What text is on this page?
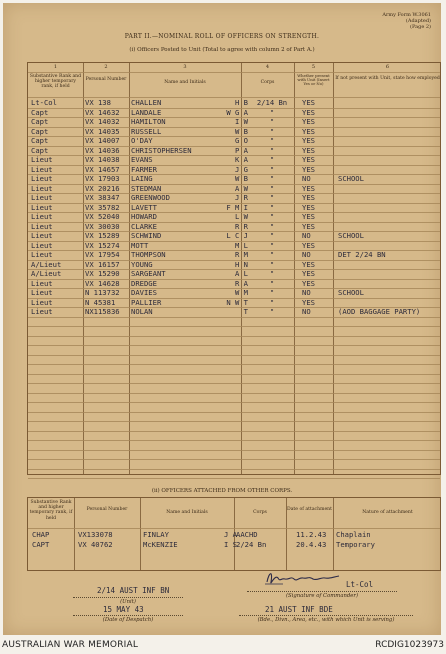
Army Form W.3061
(Adapted)
(Page 2)
PART II.—NOMINAL ROLL OF OFFICERS ON STRENGTH.
(i) Officers Posted to Unit (Total to agree with column 2 of Part A.)
1	2	3	4	5	6
Substantive Rank and higher temporary rank, if held
Personal Number
Name and Initials	Corps
Whether present with Unit (Insert Yes or No)
If not present with Unit, state how employed
Lt-Col	VX 138	CHALLEN	H B	2/14 Bn	YES
Capt	VX 14632	LANDALE	W G A	"	YES
Capt	VX 14032	HAMILTON	I W	"	YES
Capt	VX 14035	RUSSELL	W B	"	YES
Capt	VX 14007	O'DAY	G O	"	YES
Capt	VX 14036	CHRISTOPHERSEN	P A	"	YES
Lieut	VX 14038	EVANS	K A	"	YES
Lieut	VX 14657	FARMER	J G	"	YES
Lieut	VX 17903	LAING	W B	"	NO	SCHOOL
Lieut	VX 20216	STEDMAN	A W	"	YES
Lieut	VX 38347	GREENWOOD	J R	"	YES
Lieut	VX 35782	LAVETT	F M I	"	YES
Lieut	VX 52040	HOWARD	L W	"	YES
Lieut	VX 30030	CLARKE	R R	"	YES
Lieut	VX 15289	SCHWIND	L C J	"	NO	SCHOOL
Lieut	VX 15274	MOTT	M L	"	YES
Lieut	VX 17954	THOMPSON	R M	"	NO	DET 2/24 BN
A/Lieut	VX 16157	YOUNG	H N	"	YES
A/Lieut	VX 15290	SARGEANT	A L	"	YES
Lieut	VX 14628	DREDGE	R A	"	YES
Lieut	N 113732	DAVIES	W M	"	NO	SCHOOL
Lieut	N 45381	PALLIER	N W T	"	YES
Lieut	NX115836	NOLAN	T	"	NO	(AOD BAGGAGE PARTY)
(ii) OFFICERS ATTACHED FROM OTHER CORPS.
Substantive Rank and higher temporary rank, if held
Personal Number
Name and Initials	Corps
Date of attachment
Nature of attachment
CHAP	VX133078	FINLAY	J A AACHD	11.2.43	Chaplain
CAPT	VX 40762	McKENZIE	I S 2/24 Bn	20.4.43	Temporary
2/14 AUST INF BN
(Unit)
15 MAY 43
(Date of Despatch)
Lt-Col
(Signature of Commander)
21 AUST INF BDE
(Bde., Divn., Area, etc., with which Unit is serving)
AUSTRALIAN WAR MEMORIAL	RCDIG1023973
